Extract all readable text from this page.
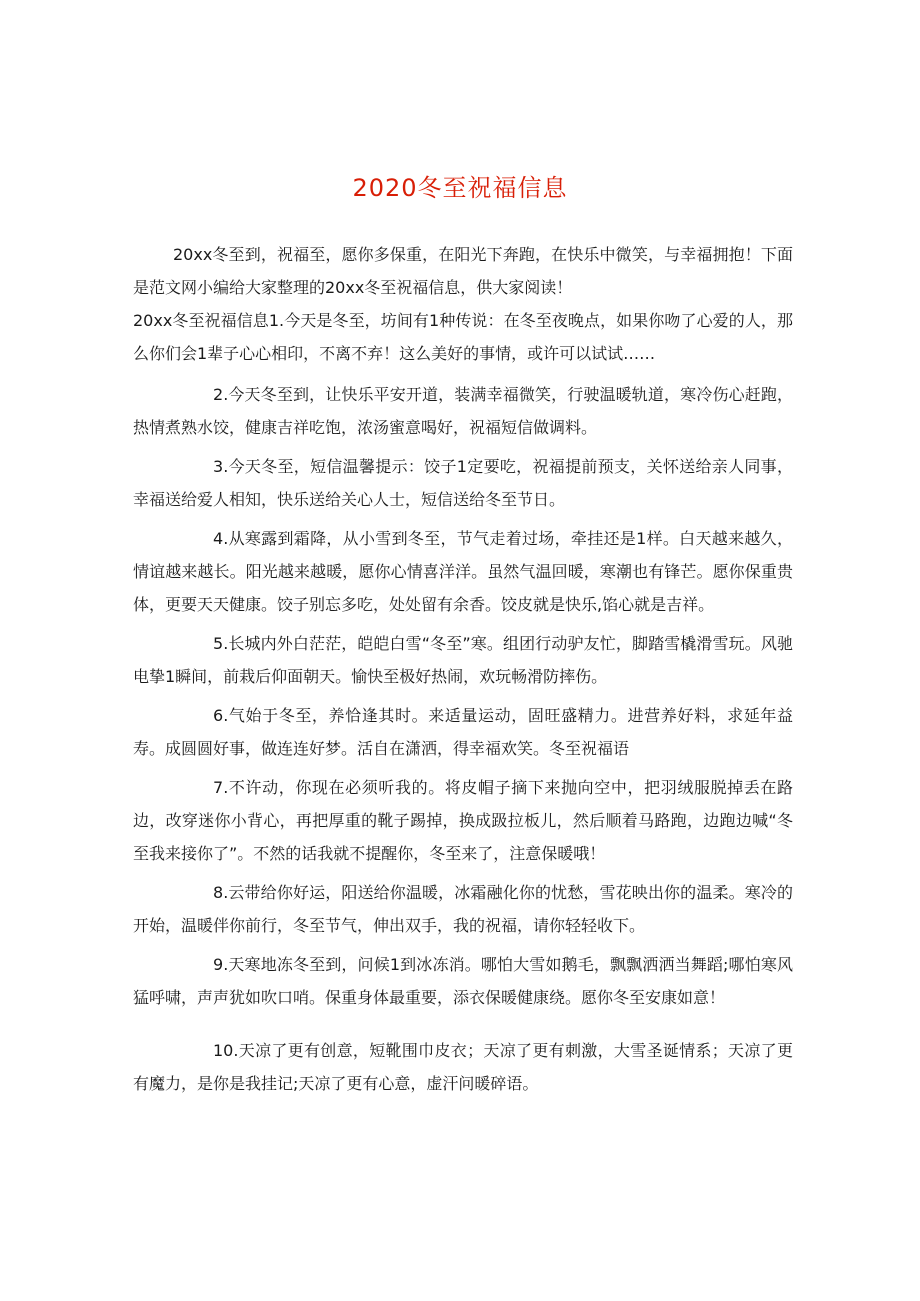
2020冬至祝福信息

20xx冬至到，祝福至，愿你多保重，在阳光下奔跑，在快乐中微笑，与幸福拥抱！下面是范文网小编给大家整理的20xx冬至祝福信息，供大家阅读！

20xx冬至祝福信息1.今天是冬至，坊间有1种传说：在冬至夜晚点，如果你吻了心爱的人，那么你们会1辈子心心相印，不离不弃！这么美好的事情，或许可以试试……

2.今天冬至到，让快乐平安开道，装满幸福微笑，行驶温暖轨道，寒冷伤心赶跑，热情煮熟水饺，健康吉祥吃饱，浓汤蜜意喝好，祝福短信做调料。

3.今天冬至，短信温馨提示：饺子1定要吃，祝福提前预支，关怀送给亲人同事，幸福送给爱人相知，快乐送给关心人士，短信送给冬至节日。

4.从寒露到霜降，从小雪到冬至，节气走着过场，牵挂还是1样。白天越来越久，情谊越来越长。阳光越来越暖，愿你心情喜洋洋。虽然气温回暖，寒潮也有锋芒。愿你保重贵体，更要天天健康。饺子别忘多吃，处处留有余香。饺皮就是快乐,馅心就是吉祥。

5.长城内外白茫茫，皑皑白雪“冬至”寒。组团行动驴友忙，脚踏雪橇滑雪玩。风驰电挚1瞬间，前栽后仰面朝天。愉快至极好热闹，欢玩畅滑防摔伤。

6.气始于冬至，养恰逢其时。来适量运动，固旺盛精力。进营养好料，求延年益寿。成圆圆好事，做连连好梦。活自在潇洒，得幸福欢笑。冬至祝福语

7.不许动，你现在必须听我的。将皮帽子摘下来抛向空中，把羽绒服脱掉丢在路边，改穿迷你小背心，再把厚重的靴子踢掉，换成趿拉板儿，然后顺着马路跑，边跑边喊“冬至我来接你了”。不然的话我就不提醒你，冬至来了，注意保暖哦！

8.云带给你好运，阳送给你温暖，冰霜融化你的忧愁，雪花映出你的温柔。寒冷的开始，温暖伴你前行，冬至节气，伸出双手，我的祝福，请你轻轻收下。

9.天寒地冻冬至到，问候1到冰冻消。哪怕大雪如鹅毛，飘飘洒洒当舞蹈;哪怕寒风猛呼啸，声声犹如吹口哨。保重身体最重要，添衣保暖健康绕。愿你冬至安康如意！

10.天凉了更有创意，短靴围巾皮衣；天凉了更有刺激，大雪圣诞情系；天凉了更有魔力，是你是我挂记;天凉了更有心意，虚汗问暖碎语。
